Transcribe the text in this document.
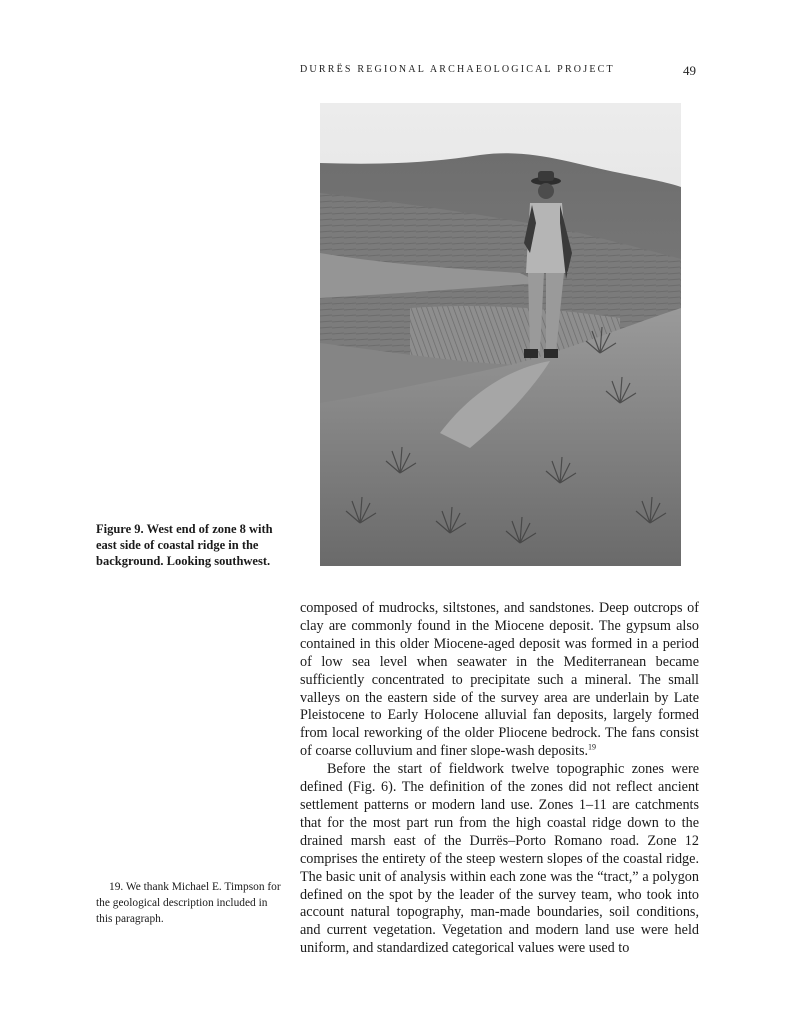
DURRËS REGIONAL ARCHAEOLOGICAL PROJECT	49
Figure 9. West end of zone 8 with east side of coastal ridge in the background. Looking southwest.

composed of mudrocks, siltstones, and sandstones. Deep outcrops of clay are commonly found in the Miocene deposit. The gypsum also contained in this older Miocene-aged deposit was formed in a period of low sea level when seawater in the Mediterranean became sufficiently concentrated to precipitate such a mineral. The small valleys on the eastern side of the survey area are underlain by Late Pleistocene to Early Holocene alluvial fan deposits, largely formed from local reworking of the older Pliocene bedrock. The fans consist of coarse colluvium and finer slope-wash deposits.$^{19}$

Before the start of fieldwork twelve topographic zones were defined (Fig. 6). The definition of the zones did not reflect ancient settlement patterns or modern land use. Zones 1–11 are catchments that for the most part run from the high coastal ridge down to the drained marsh east of the Durrës–Porto Romano road. Zone 12 comprises the entirety of the steep western slopes of the coastal ridge. The basic unit of analysis within each zone was the “tract,” a polygon defined on the spot by the leader of the survey team, who took into account natural topography, man-made boundaries, soil conditions, and current vegetation. Vegetation and modern land use were held uniform, and standardized categorical values were used to

19. We thank Michael E. Timpson for the geological description included in this paragraph.
